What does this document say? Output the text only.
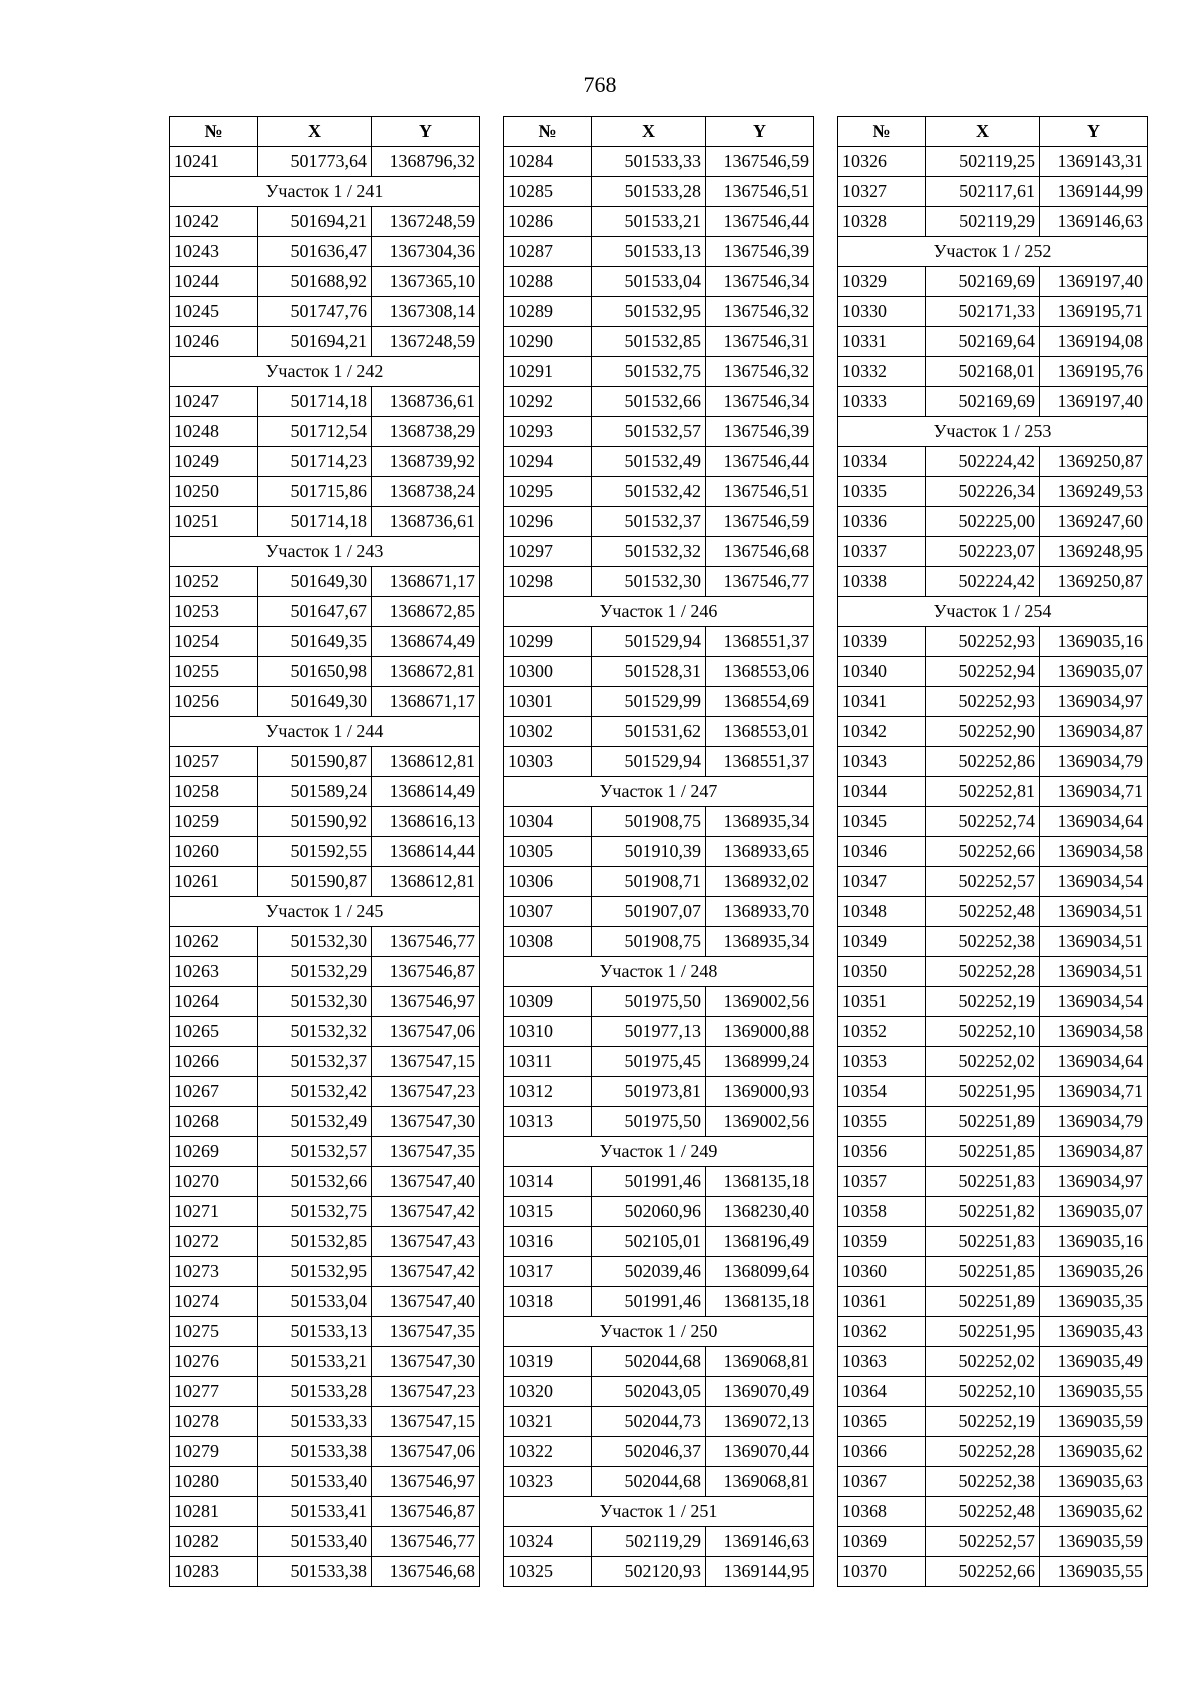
768
№	X	Y
10241	501773,64	1368796,32
Участок 1 / 241		
10242	501694,21	1367248,59
10243	501636,47	1367304,36
10244	501688,92	1367365,10
10245	501747,76	1367308,14
10246	501694,21	1367248,59
Участок 1 / 242		
10247	501714,18	1368736,61
10248	501712,54	1368738,29
10249	501714,23	1368739,92
10250	501715,86	1368738,24
10251	501714,18	1368736,61
Участок 1 / 243		
10252	501649,30	1368671,17
10253	501647,67	1368672,85
10254	501649,35	1368674,49
10255	501650,98	1368672,81
10256	501649,30	1368671,17
Участок 1 / 244		
10257	501590,87	1368612,81
10258	501589,24	1368614,49
10259	501590,92	1368616,13
10260	501592,55	1368614,44
10261	501590,87	1368612,81
Участок 1 / 245		
10262	501532,30	1367546,77
10263	501532,29	1367546,87
10264	501532,30	1367546,97
10265	501532,32	1367547,06
10266	501532,37	1367547,15
10267	501532,42	1367547,23
10268	501532,49	1367547,30
10269	501532,57	1367547,35
10270	501532,66	1367547,40
10271	501532,75	1367547,42
10272	501532,85	1367547,43
10273	501532,95	1367547,42
10274	501533,04	1367547,40
10275	501533,13	1367547,35
10276	501533,21	1367547,30
10277	501533,28	1367547,23
10278	501533,33	1367547,15
10279	501533,38	1367547,06
10280	501533,40	1367546,97
10281	501533,41	1367546,87
10282	501533,40	1367546,77
10283	501533,38	1367546,68
№	X	Y
10284	501533,33	1367546,59
10285	501533,28	1367546,51
10286	501533,21	1367546,44
10287	501533,13	1367546,39
10288	501533,04	1367546,34
10289	501532,95	1367546,32
10290	501532,85	1367546,31
10291	501532,75	1367546,32
10292	501532,66	1367546,34
10293	501532,57	1367546,39
10294	501532,49	1367546,44
10295	501532,42	1367546,51
10296	501532,37	1367546,59
10297	501532,32	1367546,68
10298	501532,30	1367546,77
Участок 1 / 246		
10299	501529,94	1368551,37
10300	501528,31	1368553,06
10301	501529,99	1368554,69
10302	501531,62	1368553,01
10303	501529,94	1368551,37
Участок 1 / 247		
10304	501908,75	1368935,34
10305	501910,39	1368933,65
10306	501908,71	1368932,02
10307	501907,07	1368933,70
10308	501908,75	1368935,34
Участок 1 / 248		
10309	501975,50	1369002,56
10310	501977,13	1369000,88
10311	501975,45	1368999,24
10312	501973,81	1369000,93
10313	501975,50	1369002,56
Участок 1 / 249		
10314	501991,46	1368135,18
10315	502060,96	1368230,40
10316	502105,01	1368196,49
10317	502039,46	1368099,64
10318	501991,46	1368135,18
Участок 1 / 250		
10319	502044,68	1369068,81
10320	502043,05	1369070,49
10321	502044,73	1369072,13
10322	502046,37	1369070,44
10323	502044,68	1369068,81
Участок 1 / 251		
10324	502119,29	1369146,63
10325	502120,93	1369144,95
№	X	Y
10326	502119,25	1369143,31
10327	502117,61	1369144,99
10328	502119,29	1369146,63
Участок 1 / 252		
10329	502169,69	1369197,40
10330	502171,33	1369195,71
10331	502169,64	1369194,08
10332	502168,01	1369195,76
10333	502169,69	1369197,40
Участок 1 / 253		
10334	502224,42	1369250,87
10335	502226,34	1369249,53
10336	502225,00	1369247,60
10337	502223,07	1369248,95
10338	502224,42	1369250,87
Участок 1 / 254		
10339	502252,93	1369035,16
10340	502252,94	1369035,07
10341	502252,93	1369034,97
10342	502252,90	1369034,87
10343	502252,86	1369034,79
10344	502252,81	1369034,71
10345	502252,74	1369034,64
10346	502252,66	1369034,58
10347	502252,57	1369034,54
10348	502252,48	1369034,51
10349	502252,38	1369034,51
10350	502252,28	1369034,51
10351	502252,19	1369034,54
10352	502252,10	1369034,58
10353	502252,02	1369034,64
10354	502251,95	1369034,71
10355	502251,89	1369034,79
10356	502251,85	1369034,87
10357	502251,83	1369034,97
10358	502251,82	1369035,07
10359	502251,83	1369035,16
10360	502251,85	1369035,26
10361	502251,89	1369035,35
10362	502251,95	1369035,43
10363	502252,02	1369035,49
10364	502252,10	1369035,55
10365	502252,19	1369035,59
10366	502252,28	1369035,62
10367	502252,38	1369035,63
10368	502252,48	1369035,62
10369	502252,57	1369035,59
10370	502252,66	1369035,55
